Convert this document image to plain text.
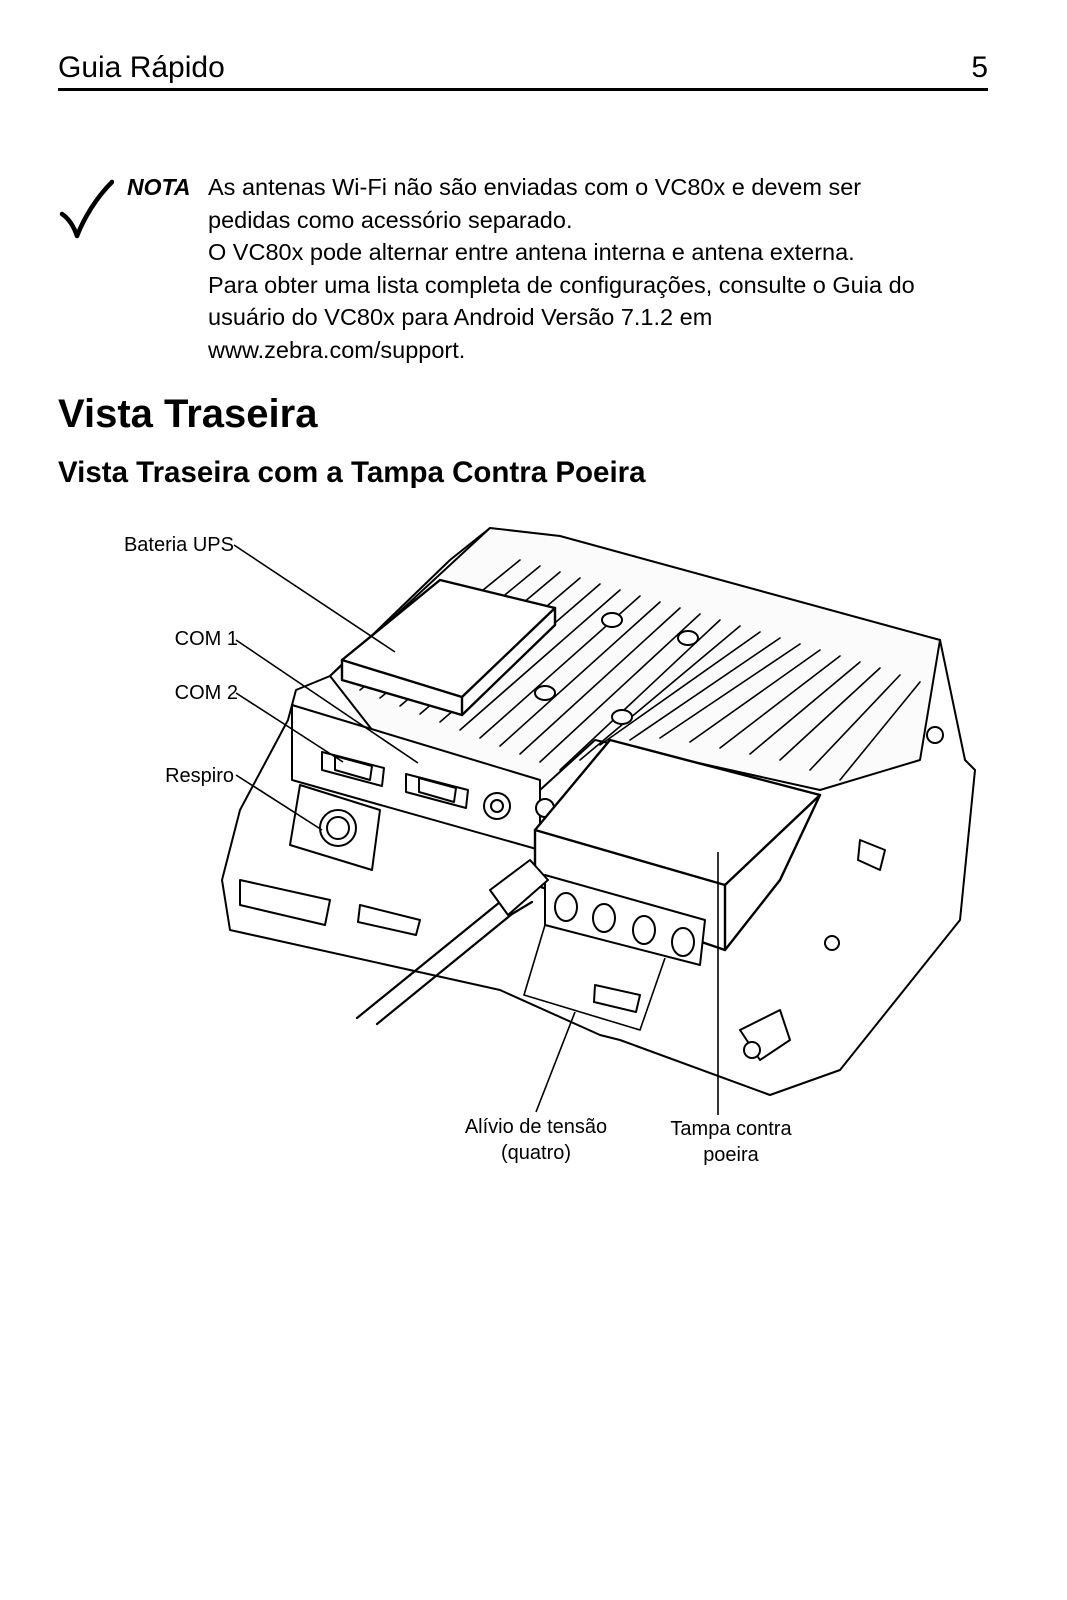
Guia Rápido	5
NOTA As antenas Wi-Fi não são enviadas com o VC80x e devem ser
pedidas como acessório separado.
O VC80x pode alternar entre antena interna e antena externa.
Para obter uma lista completa de configurações, consulte o Guia do
usuário do VC80x para Android Versão 7.1.2 em
www.zebra.com/support.
Vista Traseira
Vista Traseira com a Tampa Contra Poeira
Bateria UPS
COM 1
COM 2
Respiro
Alívio de tensão
(quatro)
Tampa contra
poeira
